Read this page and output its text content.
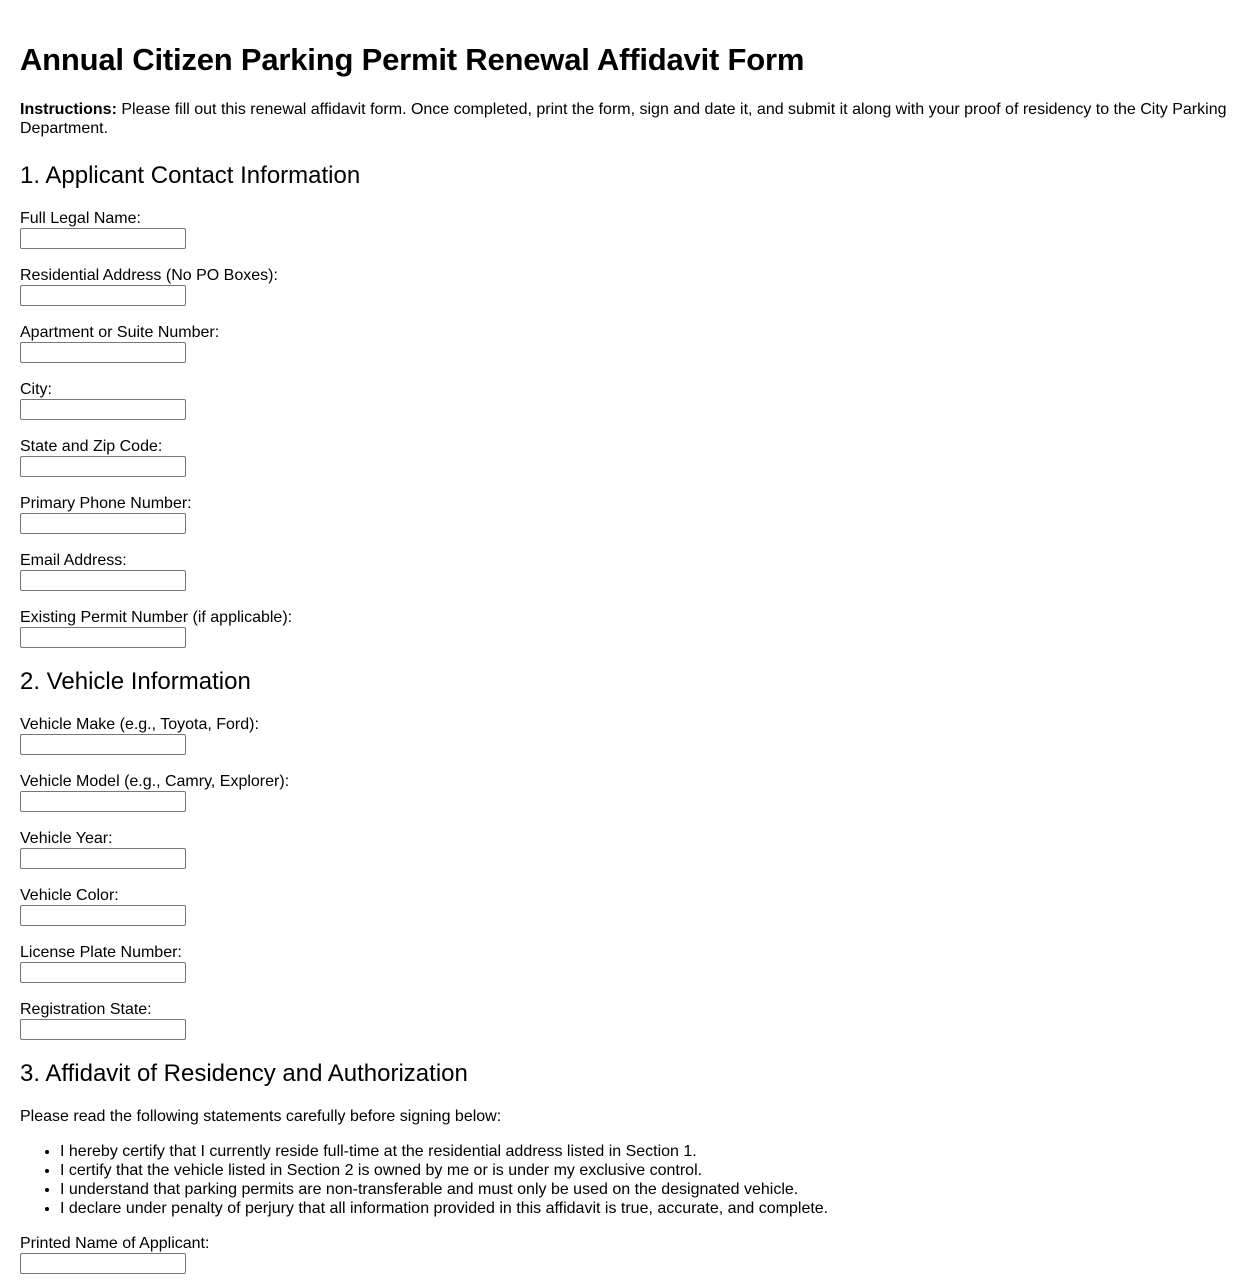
Annual Citizen Parking Permit Renewal Affidavit Form

Instructions: Please fill out this renewal affidavit form. Once completed, print the form, sign and date it, and submit it along with your proof of residency to the City Parking Department.

1. Applicant Contact Information
Full Legal Name:
Residential Address (No PO Boxes):
Apartment or Suite Number:
City:
State and Zip Code:
Primary Phone Number:
Email Address:
Existing Permit Number (if applicable):
2. Vehicle Information
Vehicle Make (e.g., Toyota, Ford):
Vehicle Model (e.g., Camry, Explorer):
Vehicle Year:
Vehicle Color:
License Plate Number:
Registration State:
3. Affidavit of Residency and Authorization

Please read the following statements carefully before signing below:

• I hereby certify that I currently reside full-time at the residential address listed in Section 1.
• I certify that the vehicle listed in Section 2 is owned by me or is under my exclusive control.
• I understand that parking permits are non-transferable and must only be used on the designated vehicle.
• I declare under penalty of perjury that all information provided in this affidavit is true, accurate, and complete.
Printed Name of Applicant:
